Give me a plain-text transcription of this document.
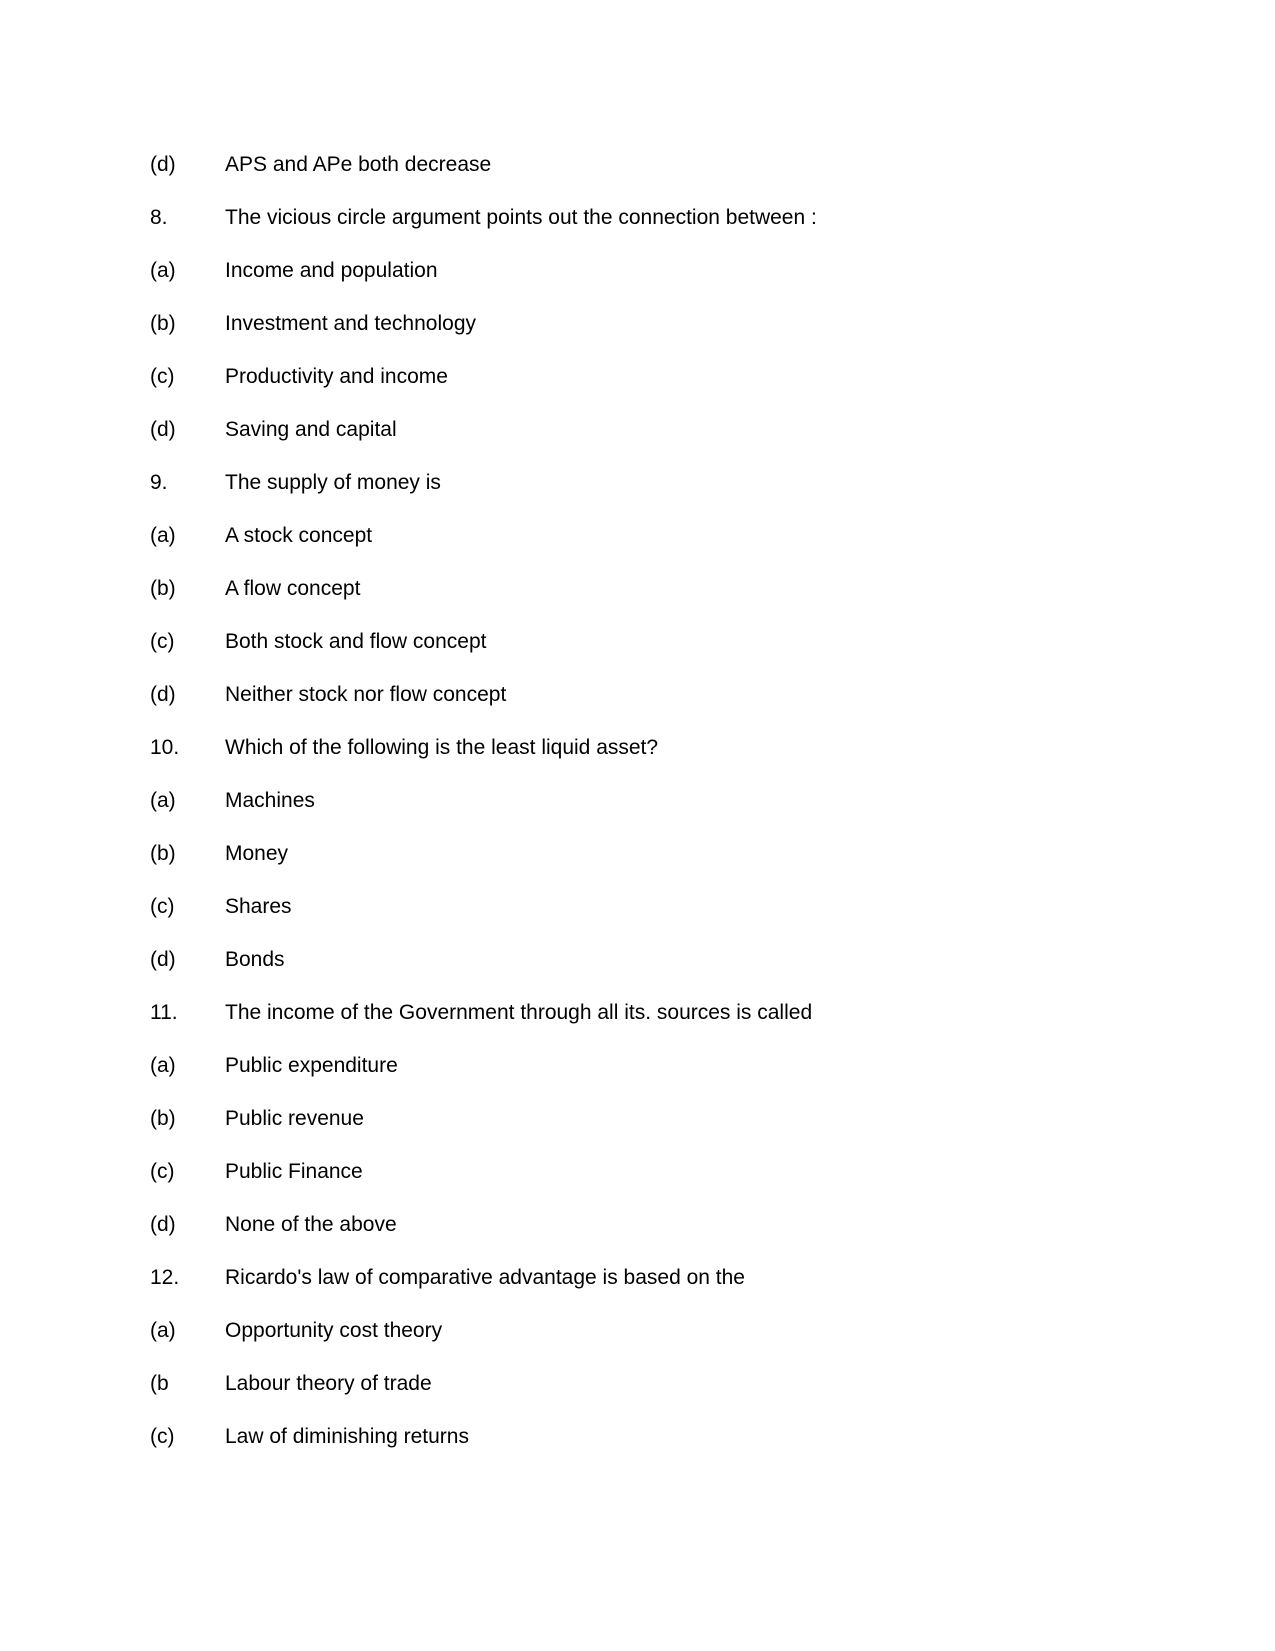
(d) APS and APe both decrease
8.	The vicious circle argument points out the connection between :
(a) Income and population
(b) Investment and technology
(c) Productivity and income
(d) Saving and capital
9.	The supply of money is
(a) A stock concept
(b) A flow concept
(c) Both stock and flow concept
(d) Neither stock nor flow concept
10. Which of the following is the least liquid asset?
(a) Machines
(b) Money
(c) Shares
(d) Bonds
11. The income of the Government through all its. sources is called
(a) Public expenditure
(b) Public revenue
(c) Public Finance
(d) None of the above
12. Ricardo's law of comparative advantage is based on the
(a) Opportunity cost theory
(b	Labour theory of trade
(c) Law of diminishing returns
